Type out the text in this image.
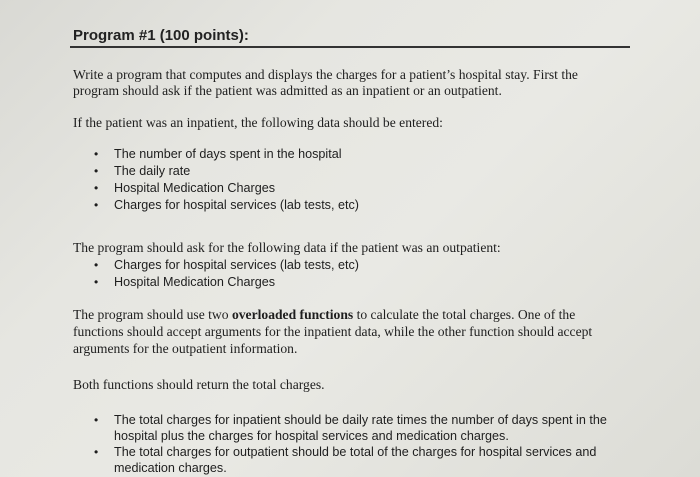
Program #1 (100 points):

Write a program that computes and displays the charges for a patient’s hospital stay. First the

program should ask if the patient was admitted as an inpatient or an outpatient.

If the patient was an inpatient, the following data should be entered:

• The number of days spent in the hospital
• The daily rate
• Hospital Medication Charges
• Charges for hospital services (lab tests, etc)

The program should ask for the following data if the patient was an outpatient:

• Charges for hospital services (lab tests, etc)
• Hospital Medication Charges

The program should use two overloaded functions to calculate the total charges. One of the

functions should accept arguments for the inpatient data, while the other function should accept

arguments for the outpatient information.

Both functions should return the total charges.

• The total charges for inpatient should be daily rate times the number of days spent in the
hospital plus the charges for hospital services and medication charges.
• The total charges for outpatient should be total of the charges for hospital services and
medication charges.
